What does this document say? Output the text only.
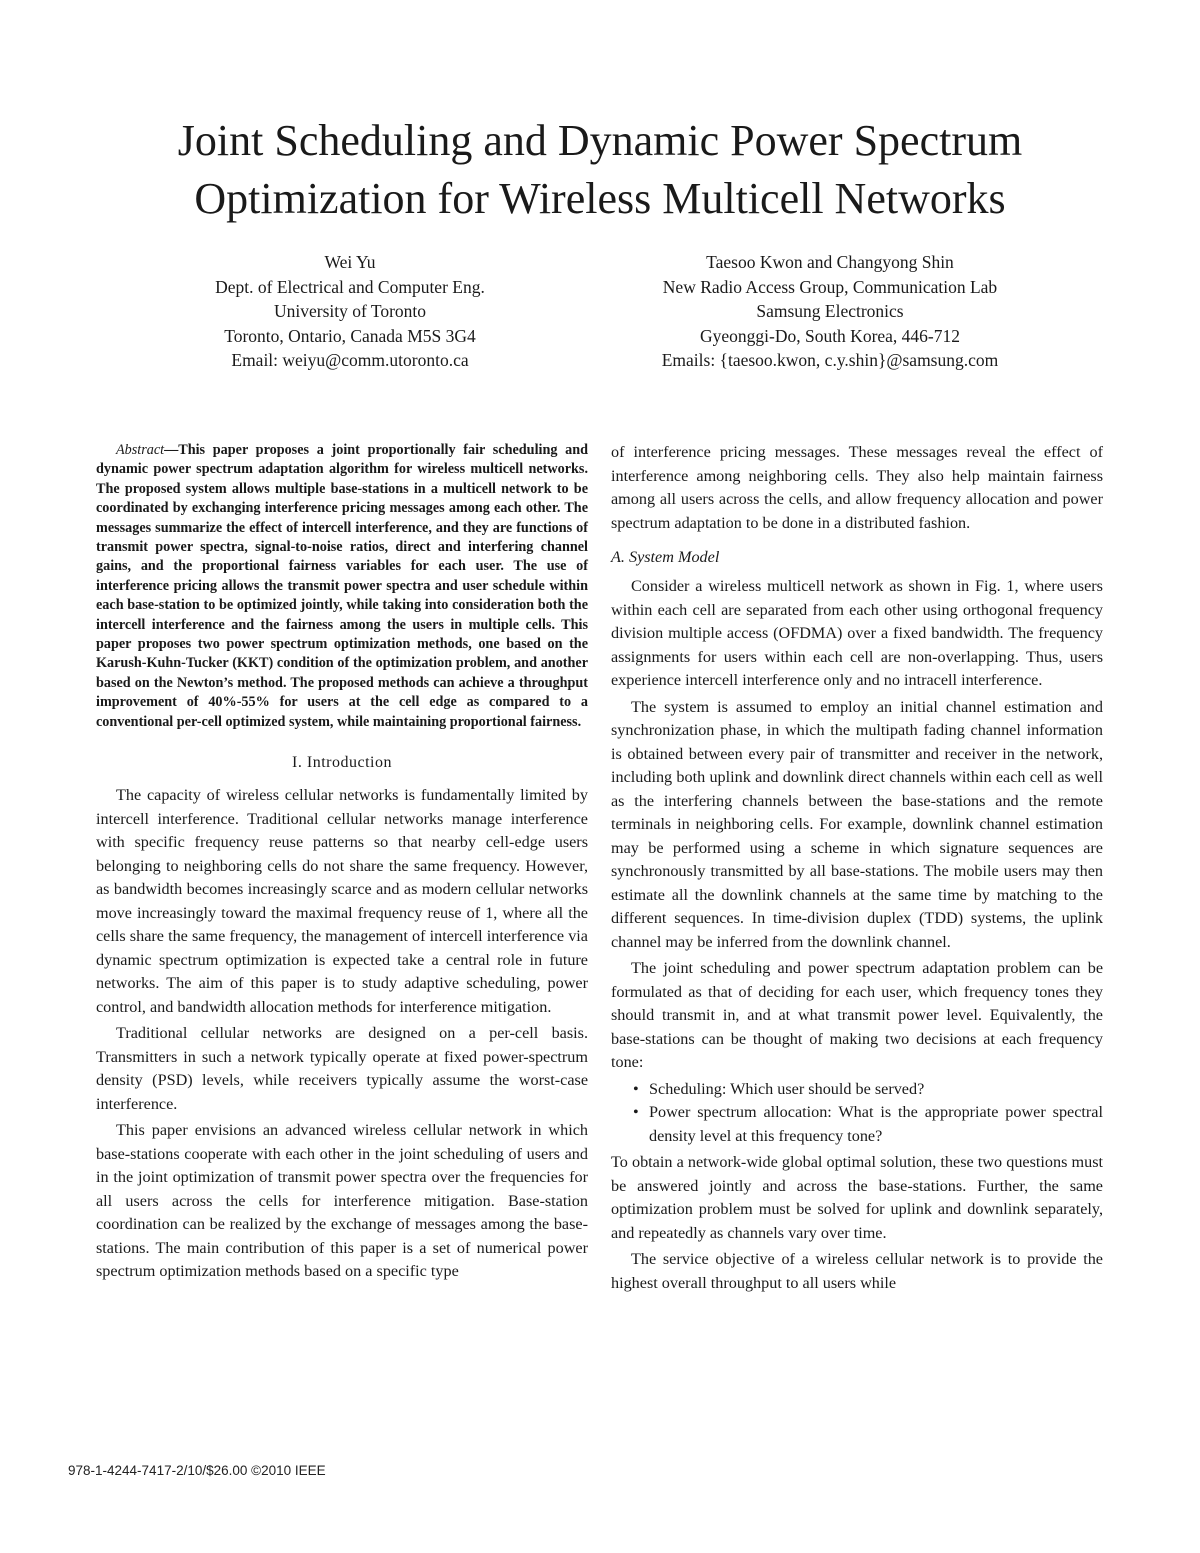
Joint Scheduling and Dynamic Power Spectrum
Optimization for Wireless Multicell Networks
Wei Yu
Dept. of Electrical and Computer Eng.
University of Toronto
Toronto, Ontario, Canada M5S 3G4
Email: weiyu@comm.utoronto.ca
Taesoo Kwon and Changyong Shin
New Radio Access Group, Communication Lab
Samsung Electronics
Gyeonggi-Do, South Korea, 446-712
Emails: {taesoo.kwon, c.y.shin}@samsung.com

Abstract—This paper proposes a joint proportionally fair scheduling and dynamic power spectrum adaptation algorithm for wireless multicell networks. The proposed system allows multiple base-stations in a multicell network to be coordinated by exchanging interference pricing messages among each other. The messages summarize the effect of intercell interference, and they are functions of transmit power spectra, signal-to-noise ratios, direct and interfering channel gains, and the proportional fairness variables for each user. The use of interference pricing allows the transmit power spectra and user schedule within each base-station to be optimized jointly, while taking into consideration both the intercell interference and the fairness among the users in multiple cells. This paper proposes two power spectrum optimization methods, one based on the Karush-Kuhn-Tucker (KKT) condition of the optimization problem, and another based on the Newton’s method. The proposed methods can achieve a throughput improvement of 40%-55% for users at the cell edge as compared to a conventional per-cell optimized system, while maintaining proportional fairness.

I. Introduction

The capacity of wireless cellular networks is fundamentally limited by intercell interference. Traditional cellular networks manage interference with specific frequency reuse patterns so that nearby cell-edge users belonging to neighboring cells do not share the same frequency. However, as bandwidth becomes increasingly scarce and as modern cellular networks move increasingly toward the maximal frequency reuse of 1, where all the cells share the same frequency, the management of intercell interference via dynamic spectrum optimization is expected take a central role in future networks. The aim of this paper is to study adaptive scheduling, power control, and bandwidth allocation methods for interference mitigation.

Traditional cellular networks are designed on a per-cell basis. Transmitters in such a network typically operate at fixed power-spectrum density (PSD) levels, while receivers typically assume the worst-case interference.

This paper envisions an advanced wireless cellular network in which base-stations cooperate with each other in the joint scheduling of users and in the joint optimization of transmit power spectra over the frequencies for all users across the cells for interference mitigation. Base-station coordination can be realized by the exchange of messages among the base-stations. The main contribution of this paper is a set of numerical power spectrum optimization methods based on a specific type

of interference pricing messages. These messages reveal the effect of interference among neighboring cells. They also help maintain fairness among all users across the cells, and allow frequency allocation and power spectrum adaptation to be done in a distributed fashion.

A. System Model

Consider a wireless multicell network as shown in Fig. 1, where users within each cell are separated from each other using orthogonal frequency division multiple access (OFDMA) over a fixed bandwidth. The frequency assignments for users within each cell are non-overlapping. Thus, users experience intercell interference only and no intracell interference.

The system is assumed to employ an initial channel estimation and synchronization phase, in which the multipath fading channel information is obtained between every pair of transmitter and receiver in the network, including both uplink and downlink direct channels within each cell as well as the interfering channels between the base-stations and the remote terminals in neighboring cells. For example, downlink channel estimation may be performed using a scheme in which signature sequences are synchronously transmitted by all base-stations. The mobile users may then estimate all the downlink channels at the same time by matching to the different sequences. In time-division duplex (TDD) systems, the uplink channel may be inferred from the downlink channel.

The joint scheduling and power spectrum adaptation problem can be formulated as that of deciding for each user, which frequency tones they should transmit in, and at what transmit power level. Equivalently, the base-stations can be thought of making two decisions at each frequency tone:

• Scheduling: Which user should be served?
• Power spectrum allocation: What is the appropriate power spectral density level at this frequency tone?

To obtain a network-wide global optimal solution, these two questions must be answered jointly and across the base-stations. Further, the same optimization problem must be solved for uplink and downlink separately, and repeatedly as channels vary over time.

The service objective of a wireless cellular network is to provide the highest overall throughput to all users while

978-1-4244-7417-2/10/$26.00 ©2010 IEEE
